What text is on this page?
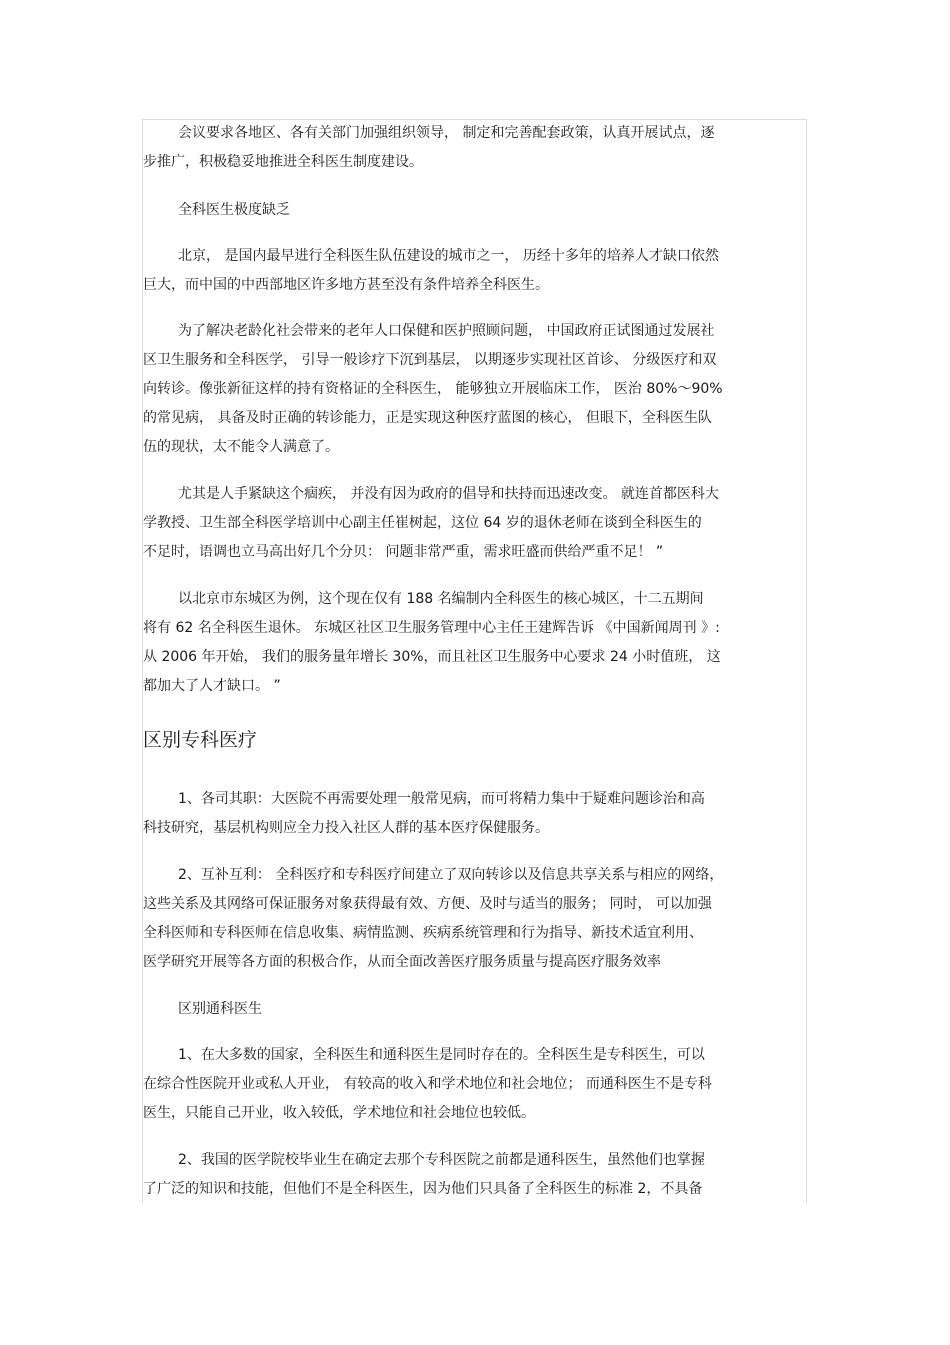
会议要求各地区、各有关部门加强组织领导， 制定和完善配套政策，认真开展试点，逐

步推广，积极稳妥地推进全科医生制度建设。

全科医生极度缺乏

北京， 是国内最早进行全科医生队伍建设的城市之一， 历经十多年的培养人才缺口依然

巨大，而中国的中西部地区许多地方甚至没有条件培养全科医生。

为了解决老龄化社会带来的老年人口保健和医护照顾问题， 中国政府正试图通过发展社

区卫生服务和全科医学， 引导一般诊疗下沉到基层， 以期逐步实现社区首诊、 分级医疗和双

向转诊。像张新征这样的持有资格证的全科医生， 能够独立开展临床工作， 医治 80%～90%

的常见病， 具备及时正确的转诊能力，正是实现这种医疗蓝图的核心， 但眼下，全科医生队

伍的现状，太不能令人满意了。

尤其是人手紧缺这个痼疾， 并没有因为政府的倡导和扶持而迅速改变。 就连首都医科大

学教授、卫生部全科医学培训中心副主任崔树起，这位 64 岁的退休老师在谈到全科医生的

不足时，语调也立马高出好几个分贝： 问题非常严重，需求旺盛而供给严重不足！ ”

以北京市东城区为例，这个现在仅有 188 名编制内全科医生的核心城区，十二五期间

将有 62 名全科医生退休。 东城区社区卫生服务管理中心主任王建辉告诉 《中国新闻周刊 》:

从 2006 年开始， 我们的服务量年增长 30%，而且社区卫生服务中心要求 24 小时值班， 这

都加大了人才缺口。 ”

区别专科医疗

1、各司其职：大医院不再需要处理一般常见病，而可将精力集中于疑难问题诊治和高

科技研究，基层机构则应全力投入社区人群的基本医疗保健服务。

2、互补互利： 全科医疗和专科医疗间建立了双向转诊以及信息共享关系与相应的网络，

这些关系及其网络可保证服务对象获得最有效、方便、及时与适当的服务； 同时， 可以加强

全科医师和专科医师在信息收集、病情监测、疾病系统管理和行为指导、新技术适宜利用、

医学研究开展等各方面的积极合作，从而全面改善医疗服务质量与提高医疗服务效率

区别通科医生

1、在大多数的国家，全科医生和通科医生是同时存在的。全科医生是专科医生，可以

在综合性医院开业或私人开业， 有较高的收入和学术地位和社会地位； 而通科医生不是专科

医生，只能自己开业，收入较低，学术地位和社会地位也较低。

2、我国的医学院校毕业生在确定去那个专科医院之前都是通科医生，虽然他们也掌握

了广泛的知识和技能，但他们不是全科医生，因为他们只具备了全科医生的标准 2，不具备
